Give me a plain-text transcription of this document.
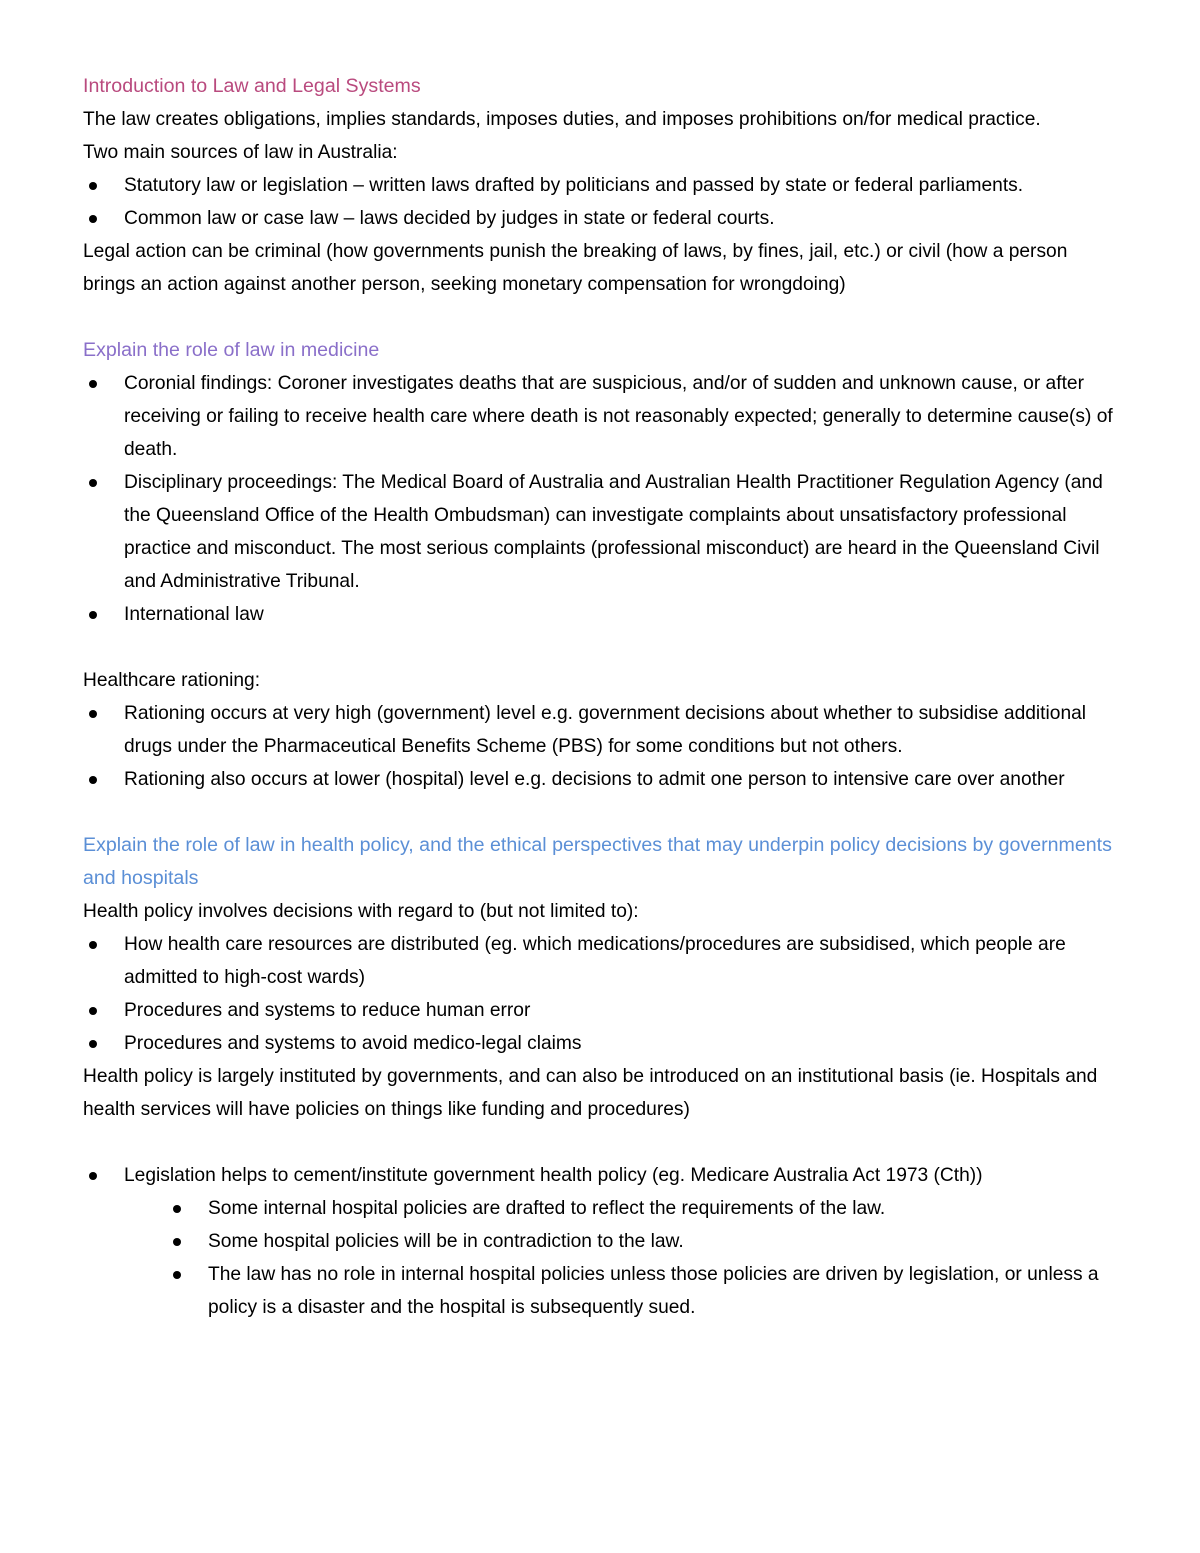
Introduction to Law and Legal Systems

The law creates obligations, implies standards, imposes duties, and imposes prohibitions on/for medical practice.

Two main sources of law in Australia:

Statutory law or legislation – written laws drafted by politicians and passed by state or federal parliaments.
Common law or case law – laws decided by judges in state or federal courts.

Legal action can be criminal (how governments punish the breaking of laws, by fines, jail, etc.) or civil (how a person brings an action against another person, seeking monetary compensation for wrongdoing)

Explain the role of law in medicine
Coronial findings: Coroner investigates deaths that are suspicious, and/or of sudden and unknown cause, or after receiving or failing to receive health care where death is not reasonably expected; generally to determine cause(s) of death.
Disciplinary proceedings: The Medical Board of Australia and Australian Health Practitioner Regulation Agency (and the Queensland Office of the Health Ombudsman) can investigate complaints about unsatisfactory professional practice and misconduct. The most serious complaints (professional misconduct) are heard in the Queensland Civil and Administrative Tribunal.
International law

Healthcare rationing:

Rationing occurs at very high (government) level e.g. government decisions about whether to subsidise additional drugs under the Pharmaceutical Benefits Scheme (PBS) for some conditions but not others.
Rationing also occurs at lower (hospital) level e.g. decisions to admit one person to intensive care over another
Explain the role of law in health policy, and the ethical perspectives that may underpin policy decisions by governments and hospitals

Health policy involves decisions with regard to (but not limited to):

How health care resources are distributed (eg. which medications/procedures are subsidised, which people are admitted to high-cost wards)
Procedures and systems to reduce human error
Procedures and systems to avoid medico-legal claims

Health policy is largely instituted by governments, and can also be introduced on an institutional basis (ie. Hospitals and health services will have policies on things like funding and procedures)

Legislation helps to cement/institute government health policy (eg. Medicare Australia Act 1973 (Cth))
Some internal hospital policies are drafted to reflect the requirements of the law.
Some hospital policies will be in contradiction to the law.
The law has no role in internal hospital policies unless those policies are driven by legislation, or unless a policy is a disaster and the hospital is subsequently sued.
